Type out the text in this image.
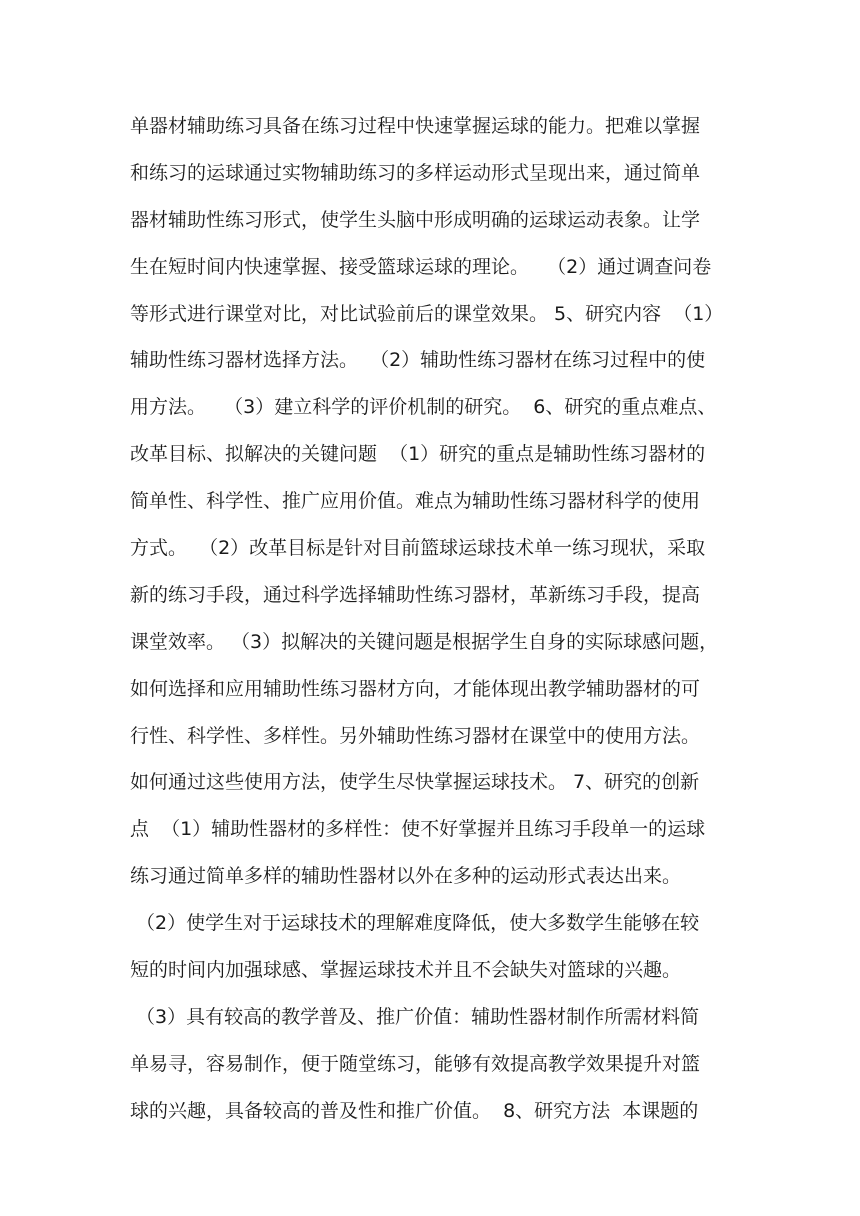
单器材辅助练习具备在练习过程中快速掌握运球的能力。把难以掌握
和练习的运球通过实物辅助练习的多样运动形式呈现出来，通过简单
器材辅助性练习形式，使学生头脑中形成明确的运球运动表象。让学
生在短时间内快速掌握、接受篮球运球的理论。   （2）通过调查问卷
等形式进行课堂对比，对比试验前后的课堂效果。 5、研究内容  （1）
辅助性练习器材选择方法。  （2）辅助性练习器材在练习过程中的使
用方法。   （3）建立科学的评价机制的研究。  6、研究的重点难点、
改革目标、拟解决的关键问题  （1）研究的重点是辅助性练习器材的
简单性、科学性、推广应用价值。难点为辅助性练习器材科学的使用
方式。  （2）改革目标是针对目前篮球运球技术单一练习现状，采取
新的练习手段，通过科学选择辅助性练习器材，革新练习手段，提高
课堂效率。 （3）拟解决的关键问题是根据学生自身的实际球感问题，
如何选择和应用辅助性练习器材方向，才能体现出教学辅助器材的可
行性、科学性、多样性。另外辅助性练习器材在课堂中的使用方法。
如何通过这些使用方法，使学生尽快掌握运球技术。 7、研究的创新
点  （1）辅助性器材的多样性：使不好掌握并且练习手段单一的运球
练习通过简单多样的辅助性器材以外在多种的运动形式表达出来。
（2）使学生对于运球技术的理解难度降低，使大多数学生能够在较
短的时间内加强球感、掌握运球技术并且不会缺失对篮球的兴趣。
（3）具有较高的教学普及、推广价值：辅助性器材制作所需材料简
单易寻，容易制作，便于随堂练习，能够有效提高教学效果提升对篮
球的兴趣，具备较高的普及性和推广价值。  8、研究方法  本课题的
